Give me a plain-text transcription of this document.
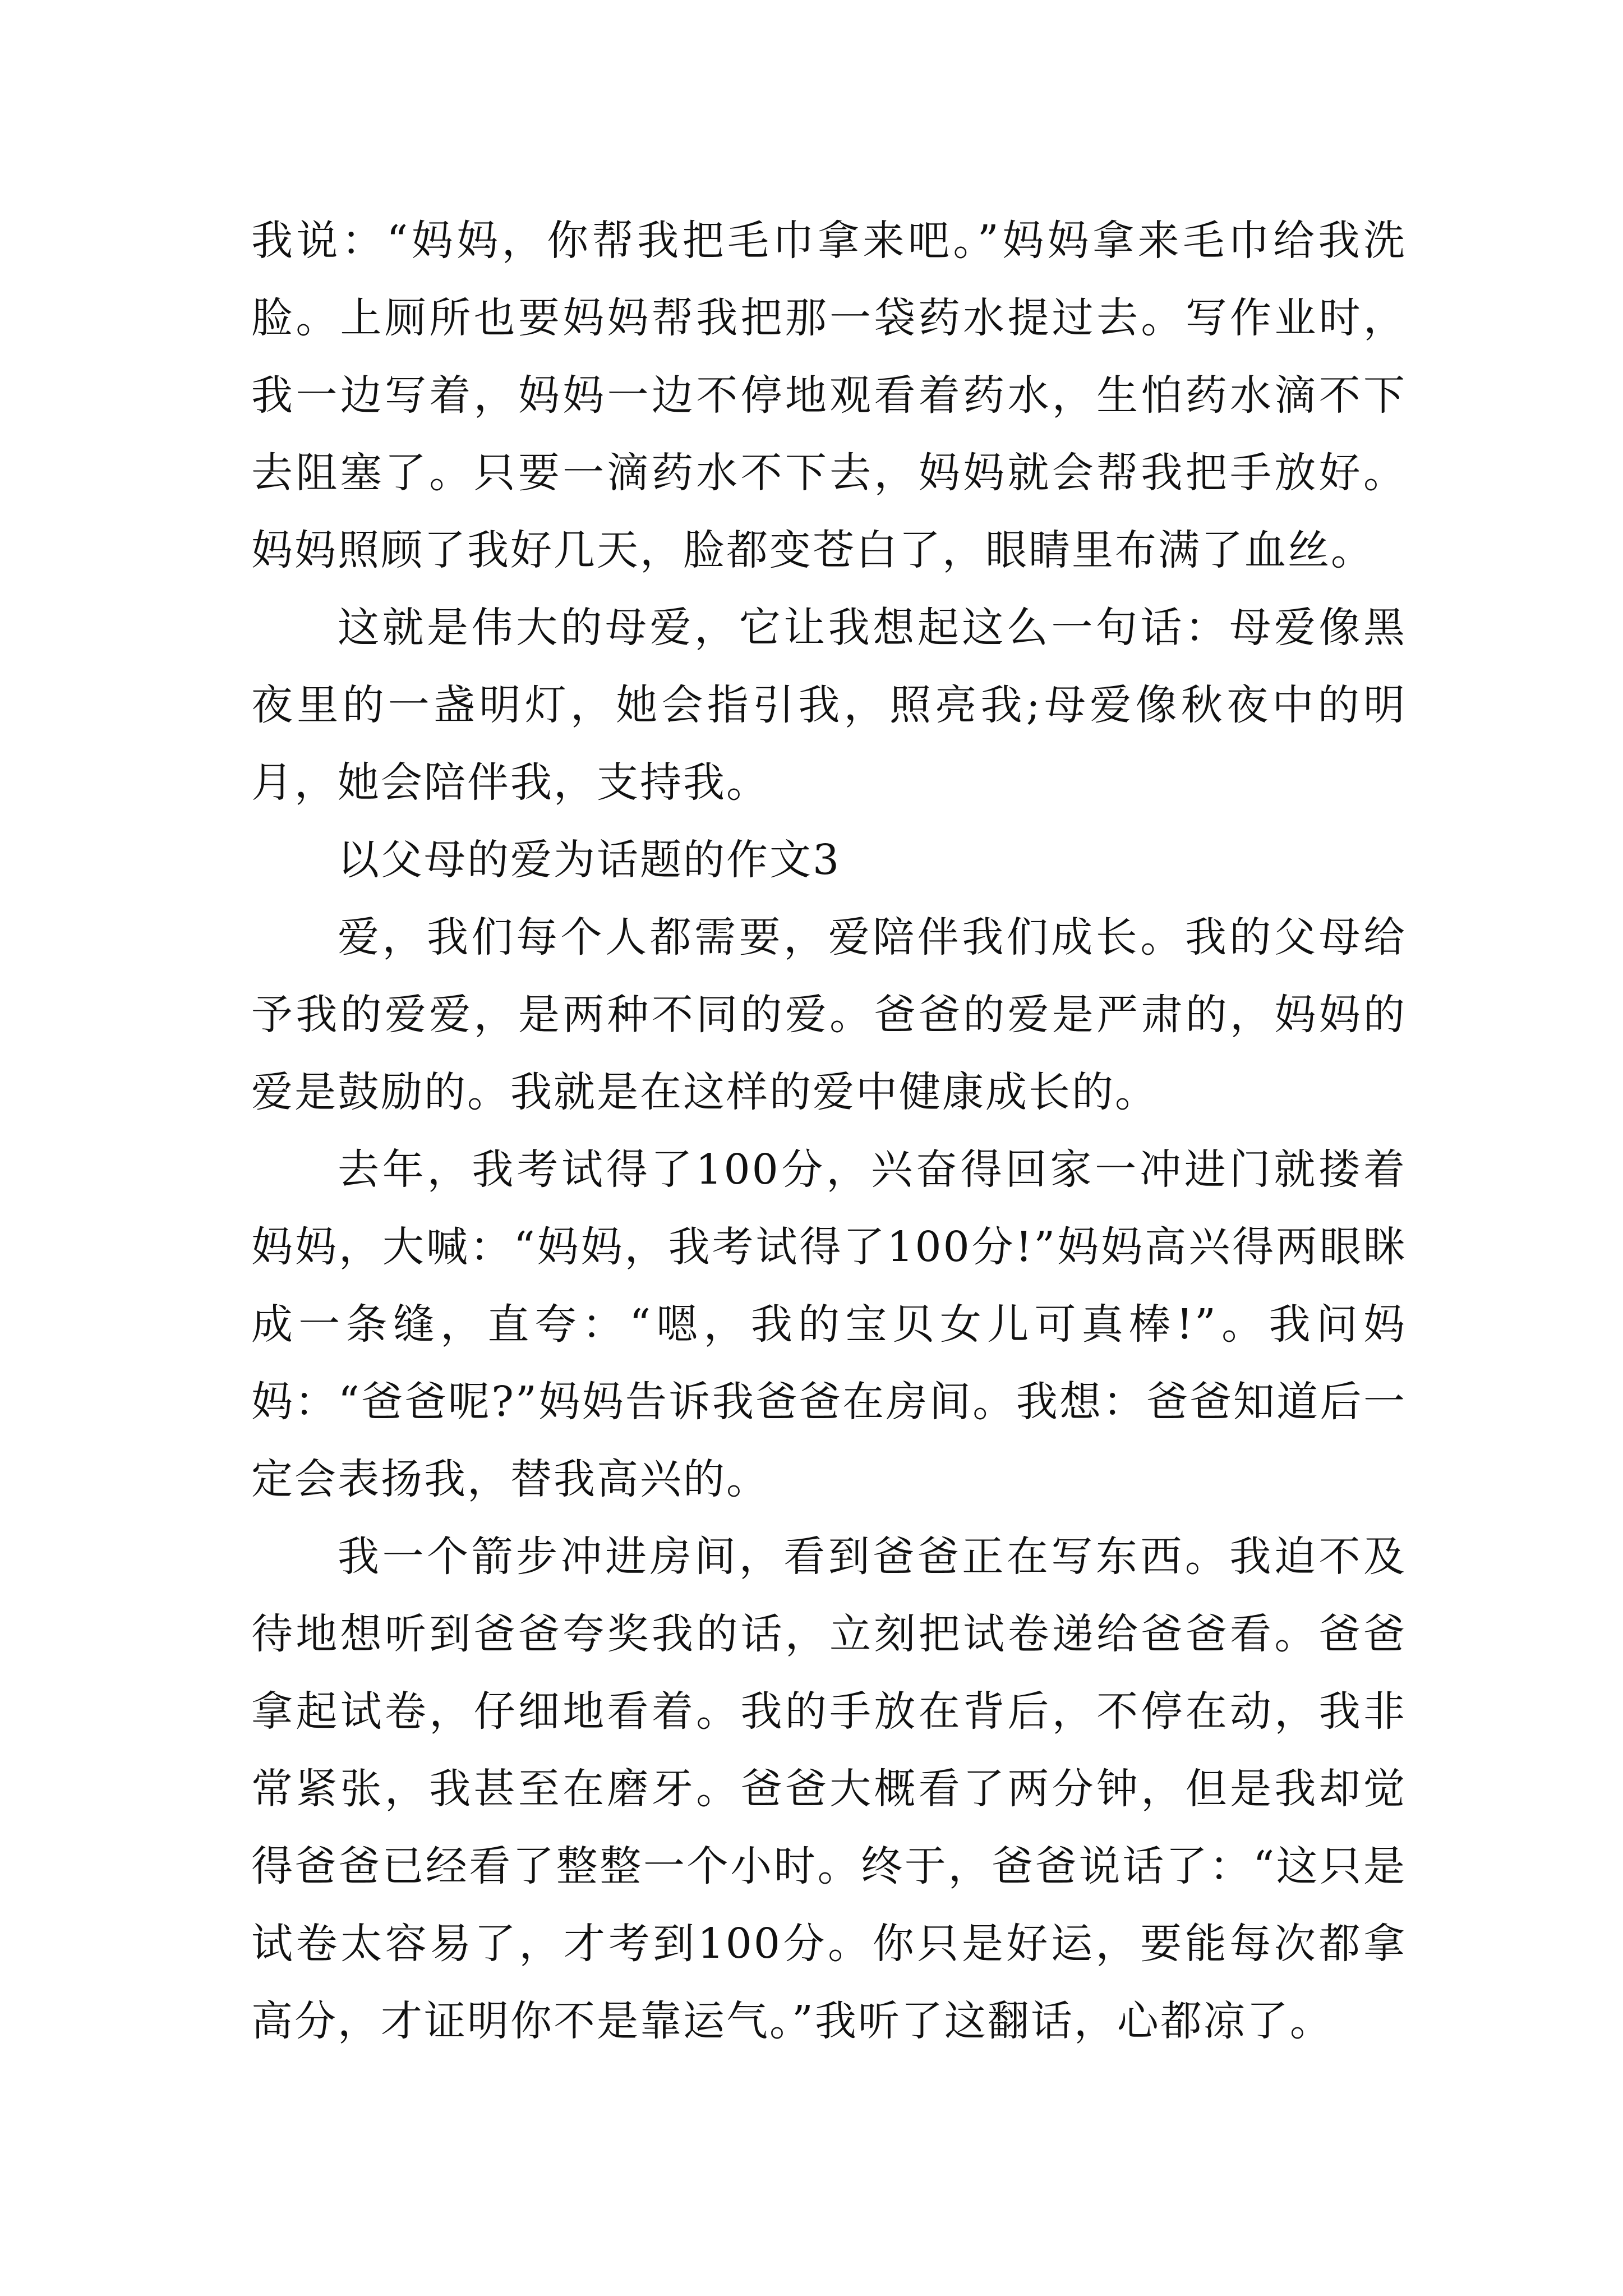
我说：“妈妈，你帮我把毛巾拿来吧。”妈妈拿来毛巾给我洗脸。上厕所也要妈妈帮我把那一袋药水提过去。写作业时，我一边写着，妈妈一边不停地观看着药水，生怕药水滴不下去阻塞了。只要一滴药水不下去，妈妈就会帮我把手放好。妈妈照顾了我好几天，脸都变苍白了，眼睛里布满了血丝。

这就是伟大的母爱，它让我想起这么一句话：母爱像黑夜里的一盏明灯，她会指引我，照亮我;母爱像秋夜中的明月，她会陪伴我，支持我。

以父母的爱为话题的作文3

爱，我们每个人都需要，爱陪伴我们成长。我的父母给予我的爱爱，是两种不同的爱。爸爸的爱是严肃的，妈妈的爱是鼓励的。我就是在这样的爱中健康成长的。

去年，我考试得了100分，兴奋得回家一冲进门就搂着妈妈，大喊：“妈妈，我考试得了100分!”妈妈高兴得两眼眯成一条缝，直夸：“嗯，我的宝贝女儿可真棒!”。我问妈妈：“爸爸呢?”妈妈告诉我爸爸在房间。我想：爸爸知道后一定会表扬我，替我高兴的。

我一个箭步冲进房间，看到爸爸正在写东西。我迫不及待地想听到爸爸夸奖我的话，立刻把试卷递给爸爸看。爸爸拿起试卷，仔细地看着。我的手放在背后，不停在动，我非常紧张，我甚至在磨牙。爸爸大概看了两分钟，但是我却觉得爸爸已经看了整整一个小时。终于，爸爸说话了：“这只是试卷太容易了，才考到100分。你只是好运，要能每次都拿高分，才证明你不是靠运气。”我听了这翻话，心都凉了。
